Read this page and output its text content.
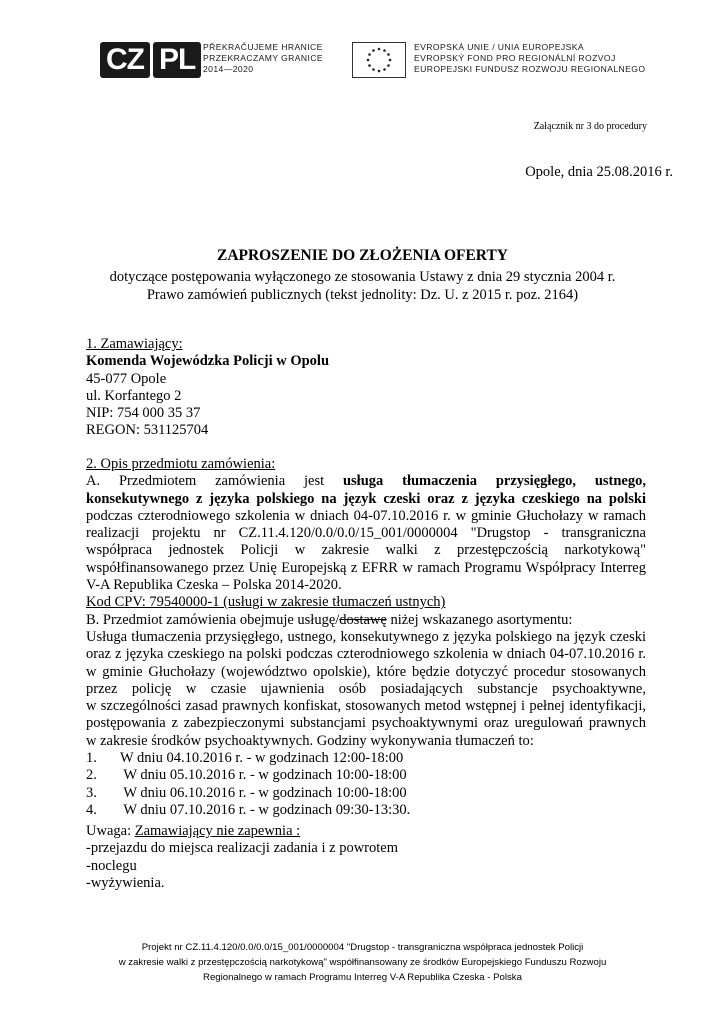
CZ PL PŘEKRAČUJEME HRANICE
PRZEKRACZAMY GRANICE
2014—2020
EVROPSKÁ UNIE / UNIA EUROPEJSKA
EVROPSKÝ FOND PRO REGIONÁLNÍ ROZVOJ
EUROPEJSKI FUNDUSZ ROZWOJU REGIONALNEGO
Załącznik nr 3 do procedury
Opole, dnia 25.08.2016 r.
ZAPROSZENIE DO ZŁOŻENIA OFERTY
dotyczące postępowania wyłączonego ze stosowania Ustawy z dnia 29 stycznia 2004 r.
Prawo zamówień publicznych (tekst jednolity: Dz. U. z 2015 r. poz. 2164)
1. Zamawiający:
Komenda Wojewódzka Policji w Opolu
45-077 Opole
ul. Korfantego 2
NIP: 754 000 35 37
REGON: 531125704
2. Opis przedmiotu zamówienia:
A. Przedmiotem zamówienia jest usługa tłumaczenia przysięgłego, ustnego,
konsekutywnego z języka polskiego na język czeski oraz z języka czeskiego na polski
podczas czterodniowego szkolenia w dniach 04-07.10.2016 r. w gminie Głuchołazy w ramach
realizacji projektu nr CZ.11.4.120/0.0/0.0/15_001/0000004 "Drugstop - transgraniczna
współpraca jednostek Policji w zakresie walki z przestępczością narkotykową"
współfinansowanego przez Unię Europejską z EFRR w ramach Programu Współpracy Interreg
V-A Republika Czeska – Polska 2014-2020.
Kod CPV: 79540000-1 (usługi w zakresie tłumaczeń ustnych)
B. Przedmiot zamówienia obejmuje usługę/dostawę niżej wskazanego asortymentu:
Usługa tłumaczenia przysięgłego, ustnego, konsekutywnego z języka polskiego na język czeski
oraz z języka czeskiego na polski podczas czterodniowego szkolenia w dniach 04-07.10.2016 r.
w gminie Głuchołazy (województwo opolskie), które będzie dotyczyć procedur stosowanych
przez policję w czasie ujawnienia osób posiadających substancje psychoaktywne,
w szczególności zasad prawnych konfiskat, stosowanych metod wstępnej i pełnej identyfikacji,
postępowania z zabezpieczonymi substancjami psychoaktywnymi oraz uregulowań prawnych
w zakresie środków psychoaktywnych. Godziny wykonywania tłumaczeń to:
1.	W dniu 04.10.2016 r. - w godzinach 12:00-18:00
2.	W dniu 05.10.2016 r. - w godzinach 10:00-18:00
3.	W dniu 06.10.2016 r. - w godzinach 10:00-18:00
4.	W dniu 07.10.2016 r. - w godzinach 09:30-13:30.
Uwaga: Zamawiający nie zapewnia :
-przejazdu do miejsca realizacji zadania i z powrotem
-noclegu
-wyżywienia.
Projekt nr CZ.11.4.120/0.0/0.0/15_001/0000004 "Drugstop - transgraniczna współpraca jednostek Policji
w zakresie walki z przestępczością narkotykową" współfinansowany ze środków Europejskiego Funduszu Rozwoju
Regionalnego w ramach Programu Interreg V-A Republika Czeska - Polska
